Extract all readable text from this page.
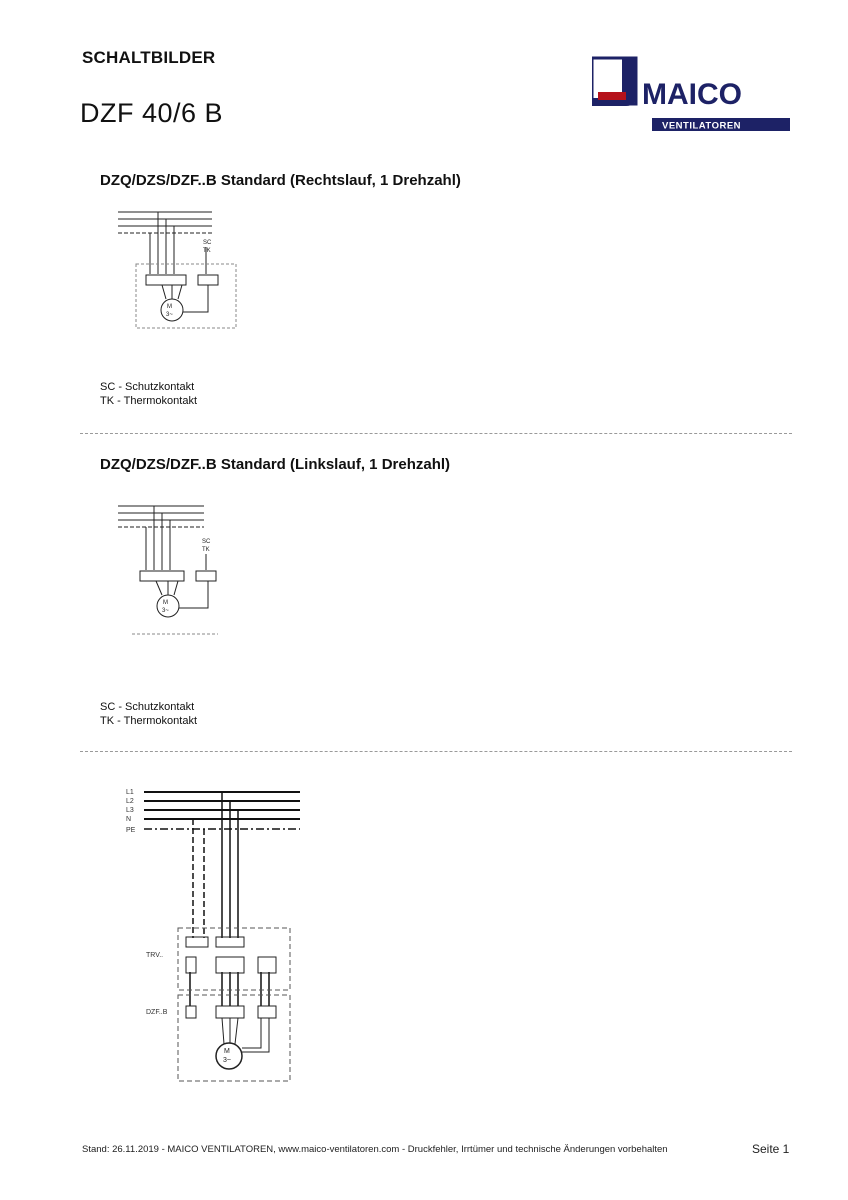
SCHALTBILDER
DZF 40/6 B
MAICO
VENTILATOREN
DZQ/DZS/DZF..B Standard (Rechtslauf, 1 Drehzahl)
SC
TK
M
3~
SC - Schutzkontakt
TK - Thermokontakt
DZQ/DZS/DZF..B Standard (Linkslauf, 1 Drehzahl)
SC
TK
M
3~
SC - Schutzkontakt
TK - Thermokontakt
L1
L2
L3
N
PE
TRV..
DZF..B
M
3~
Stand: 26.11.2019 - MAICO VENTILATOREN, www.maico-ventilatoren.com - Druckfehler, Irrtümer und technische Änderungen vorbehalten	Seite 1
